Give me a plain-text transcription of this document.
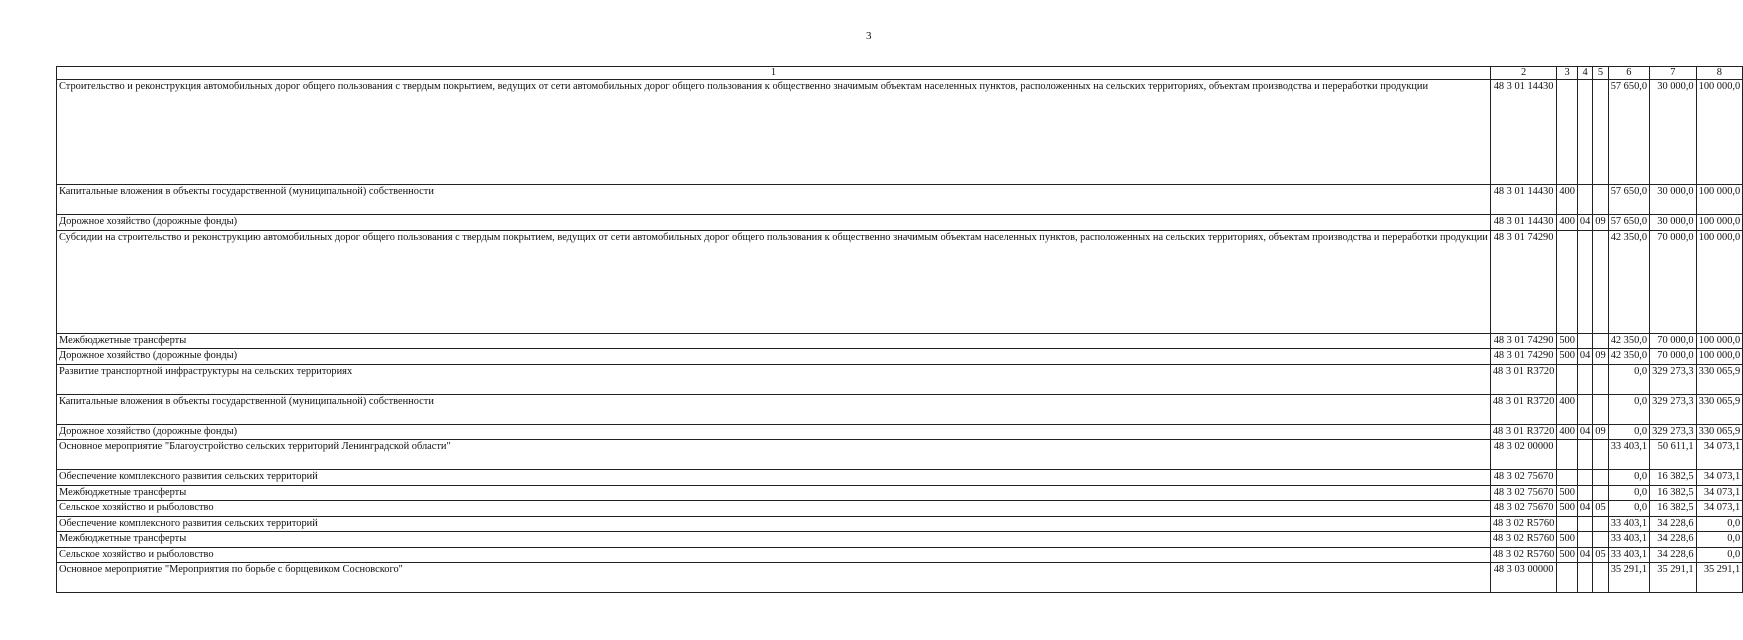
3
1	2	3	4	5	6	7	8
Строительство и реконструкция автомобильных дорог общего пользования с твердым покрытием, ведущих от сети автомобильных дорог общего пользования к общественно значимым объектам населенных пунктов, расположенных на сельских территориях, объектам производства и переработки продукции	48 3 01 14430				57 650,0	30 000,0	100 000,0
Капитальные вложения в объекты государственной (муниципальной) собственности	48 3 01 14430	400			57 650,0	30 000,0	100 000,0
Дорожное хозяйство (дорожные фонды)	48 3 01 14430	400	04	09	57 650,0	30 000,0	100 000,0
Субсидии на строительство и реконструкцию автомобильных дорог общего пользования с твердым покрытием, ведущих от сети автомобильных дорог общего пользования к общественно значимым объектам населенных пунктов, расположенных на сельских территориях, объектам производства и переработки продукции	48 3 01 74290				42 350,0	70 000,0	100 000,0
Межбюджетные трансферты	48 3 01 74290	500			42 350,0	70 000,0	100 000,0
Дорожное хозяйство (дорожные фонды)	48 3 01 74290	500	04	09	42 350,0	70 000,0	100 000,0
Развитие транспортной инфраструктуры на сельских территориях	48 3 01 R3720				0,0	329 273,3	330 065,9
Капитальные вложения в объекты государственной (муниципальной) собственности	48 3 01 R3720	400			0,0	329 273,3	330 065,9
Дорожное хозяйство (дорожные фонды)	48 3 01 R3720	400	04	09	0,0	329 273,3	330 065,9
Основное мероприятие "Благоустройство сельских территорий Ленинградской области"	48 3 02 00000				33 403,1	50 611,1	34 073,1
Обеспечение комплексного развития сельских территорий	48 3 02 75670				0,0	16 382,5	34 073,1
Межбюджетные трансферты	48 3 02 75670	500			0,0	16 382,5	34 073,1
Сельское хозяйство и рыболовство	48 3 02 75670	500	04	05	0,0	16 382,5	34 073,1
Обеспечение комплексного развития сельских территорий	48 3 02 R5760				33 403,1	34 228,6	0,0
Межбюджетные трансферты	48 3 02 R5760	500			33 403,1	34 228,6	0,0
Сельское хозяйство и рыболовство	48 3 02 R5760	500	04	05	33 403,1	34 228,6	0,0
Основное мероприятие "Мероприятия по борьбе с борщевиком Сосновского"	48 3 03 00000				35 291,1	35 291,1	35 291,1
